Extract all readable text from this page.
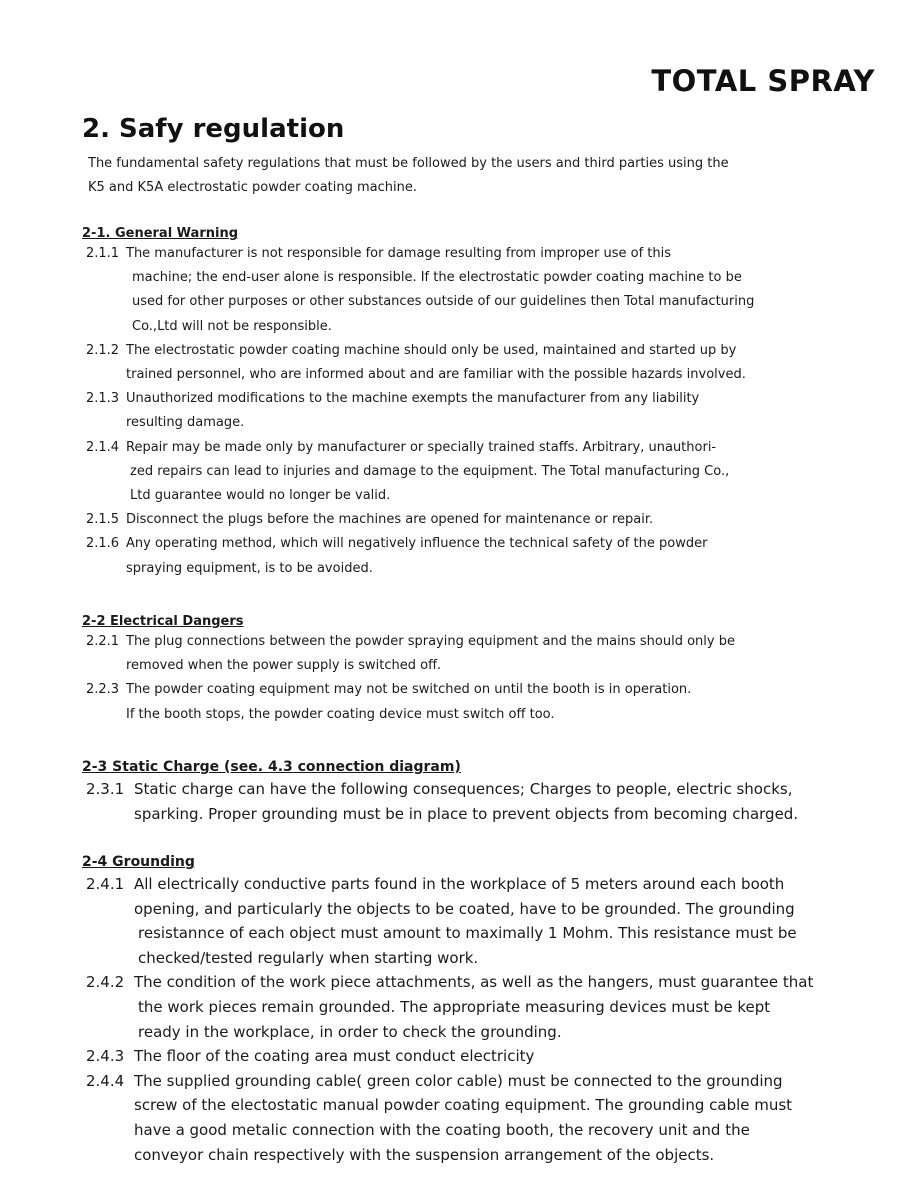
TOTAL SPRAY
2. Safy regulation
The fundamental safety regulations that must be followed by the users and third parties using the
K5 and K5A electrostatic powder coating machine.
2-1. General Warning
2.1.1 The manufacturer is not responsible for damage resulting from improper use of this
machine; the end-user alone is responsible. If the electrostatic powder coating machine to be
used for other purposes or other substances outside of our guidelines then Total manufacturing
Co.,Ltd will not be responsible.
2.1.2 The electrostatic powder coating machine should only be used, maintained and started up by
trained personnel, who are informed about and are familiar with the possible hazards involved.
2.1.3 Unauthorized modifications to the machine exempts the manufacturer from any liability
resulting damage.
2.1.4 Repair may be made only by manufacturer or specially trained staffs. Arbitrary, unauthori-
zed repairs can lead to injuries and damage to the equipment. The Total manufacturing Co.,
Ltd guarantee would no longer be valid.
2.1.5 Disconnect the plugs before the machines are opened for maintenance or repair.
2.1.6 Any operating method, which will negatively influence the technical safety of the powder
spraying equipment, is to be avoided.
2-2 Electrical Dangers
2.2.1 The plug connections between the powder spraying equipment and the mains should only be
removed when the power supply is switched off.
2.2.3 The powder coating equipment may not be switched on until the booth is in operation.
If the booth stops, the powder coating device must switch off too.
2-3 Static Charge (see. 4.3 connection diagram)
2.3.1 Static charge can have the following consequences; Charges to people, electric shocks,
sparking. Proper grounding must be in place to prevent objects from becoming charged.
2-4 Grounding
2.4.1 All electrically conductive parts found in the workplace of 5 meters around each booth
opening, and particularly the objects to be coated, have to be grounded. The grounding
resistannce of each object must amount to maximally 1 Mohm. This resistance must be
checked/tested regularly when starting work.
2.4.2 The condition of the work piece attachments, as well as the hangers, must guarantee that
the work pieces remain grounded. The appropriate measuring devices must be kept
ready in the workplace, in order to check the grounding.
2.4.3 The floor of the coating area must conduct electricity
2.4.4 The supplied grounding cable( green color cable) must be connected to the grounding
screw of the electostatic manual powder coating equipment. The grounding cable must
have a good metalic connection with the coating booth, the recovery unit and the
conveyor chain respectively with the suspension arrangement of the objects.
